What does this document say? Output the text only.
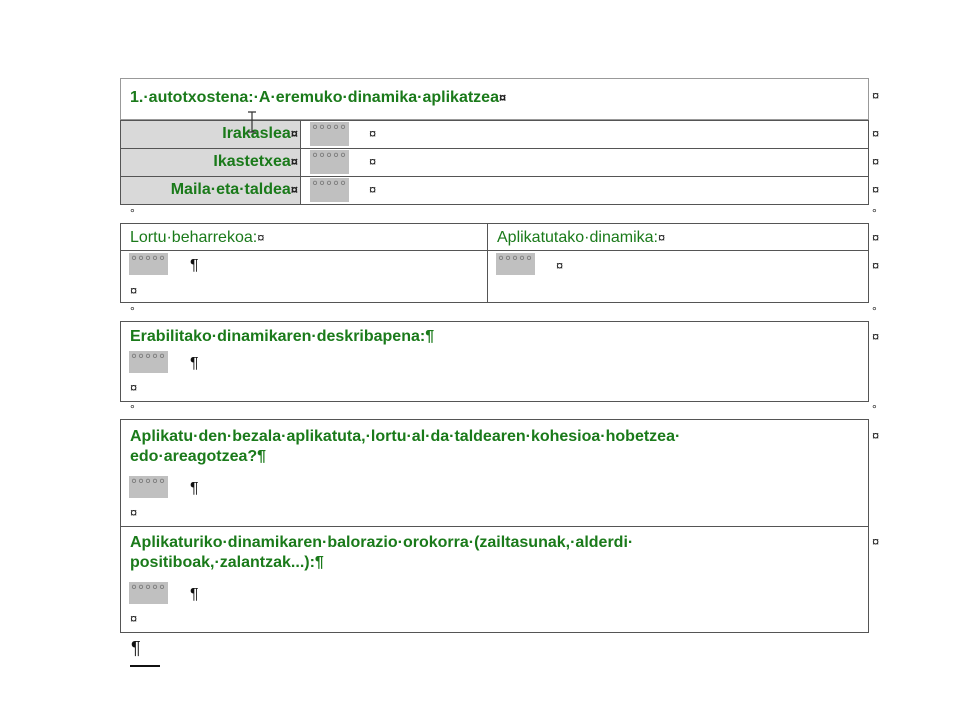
1.·autotxostena:·A·eremuko·dinamika·aplikatzea¤	¤
Irakaslea¤ °°°°° ¤	¤
Ikastetxea¤ °°°°° ¤	¤
Maila·eta·taldea¤ °°°°° ¤	¤
°	°
Lortu·beharrekoa:¤	Aplikatutako·dinamika:¤	¤
°°°°° ¶
¤
°°°°° ¤	¤
°	°
Erabilitako·dinamikaren·deskribapena:¶	¤
°°°°° ¶
¤
°	°
Aplikatu·den·bezala·aplikatuta,·lortu·al·da·taldearen·kohesioa·hobetzea·
edo·areagotzea?¶
¤
°°°°° ¶
¤
Aplikaturiko·dinamikaren·balorazio·orokorra·(zailtasunak,·alderdi·
positiboak,·zalantzak...):¶
¤
°°°°° ¶
¤
¶
